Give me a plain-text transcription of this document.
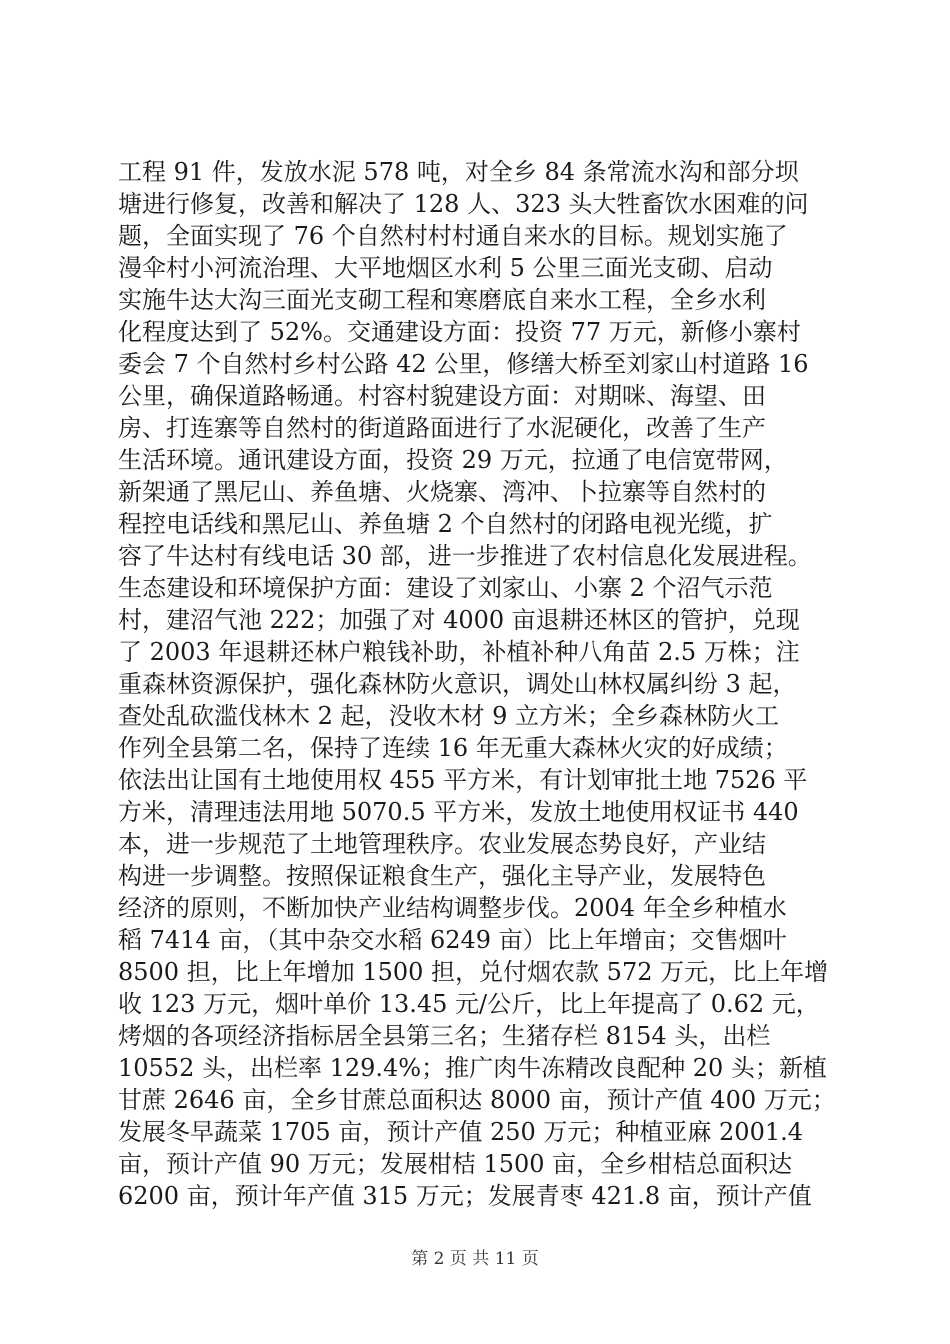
工程 91 件，发放水泥 578 吨，对全乡 84 条常流水沟和部分坝
塘进行修复，改善和解决了 128 人、323 头大牲畜饮水困难的问
题，全面实现了 76 个自然村村村通自来水的目标。规划实施了
漫伞村小河流治理、大平地烟区水利 5 公里三面光支砌、启动
实施牛达大沟三面光支砌工程和寒磨底自来水工程，全乡水利
化程度达到了 52%。交通建设方面：投资 77 万元，新修小寨村
委会 7 个自然村乡村公路 42 公里，修缮大桥至刘家山村道路 16
公里，确保道路畅通。村容村貌建设方面：对期咪、海望、田
房、打连寨等自然村的街道路面进行了水泥硬化，改善了生产
生活环境。通讯建设方面，投资 29 万元，拉通了电信宽带网，
新架通了黑尼山、养鱼塘、火烧寨、湾冲、卜拉寨等自然村的
程控电话线和黑尼山、养鱼塘 2 个自然村的闭路电视光缆，扩
容了牛达村有线电话 30 部，进一步推进了农村信息化发展进程。
生态建设和环境保护方面：建设了刘家山、小寨 2 个沼气示范
村，建沼气池 222；加强了对 4000 亩退耕还林区的管护，兑现
了 2003 年退耕还林户粮钱补助，补植补种八角苗 2.5 万株；注
重森林资源保护，强化森林防火意识，调处山林权属纠纷 3 起，
查处乱砍滥伐林木 2 起，没收木材 9 立方米；全乡森林防火工
作列全县第二名，保持了连续 16 年无重大森林火灾的好成绩；
依法出让国有土地使用权 455 平方米，有计划审批土地 7526 平
方米，清理违法用地 5070.5 平方米，发放土地使用权证书 440
本，进一步规范了土地管理秩序。农业发展态势良好，产业结
构进一步调整。按照保证粮食生产，强化主导产业，发展特色
经济的原则，不断加快产业结构调整步伐。2004 年全乡种植水
稻 7414 亩，（其中杂交水稻 6249 亩）比上年增亩；交售烟叶
8500 担，比上年增加 1500 担，兑付烟农款 572 万元，比上年增
收 123 万元，烟叶单价 13.45 元/公斤，比上年提高了 0.62 元，
烤烟的各项经济指标居全县第三名；生猪存栏 8154 头，出栏
10552 头，出栏率 129.4%；推广肉牛冻精改良配种 20 头；新植
甘蔗 2646 亩，全乡甘蔗总面积达 8000 亩，预计产值 400 万元；
发展冬早蔬菜 1705 亩，预计产值 250 万元；种植亚麻 2001.4
亩，预计产值 90 万元；发展柑桔 1500 亩，全乡柑桔总面积达
6200 亩，预计年产值 315 万元；发展青枣 421.8 亩，预计产值

第 2 页 共 11 页
